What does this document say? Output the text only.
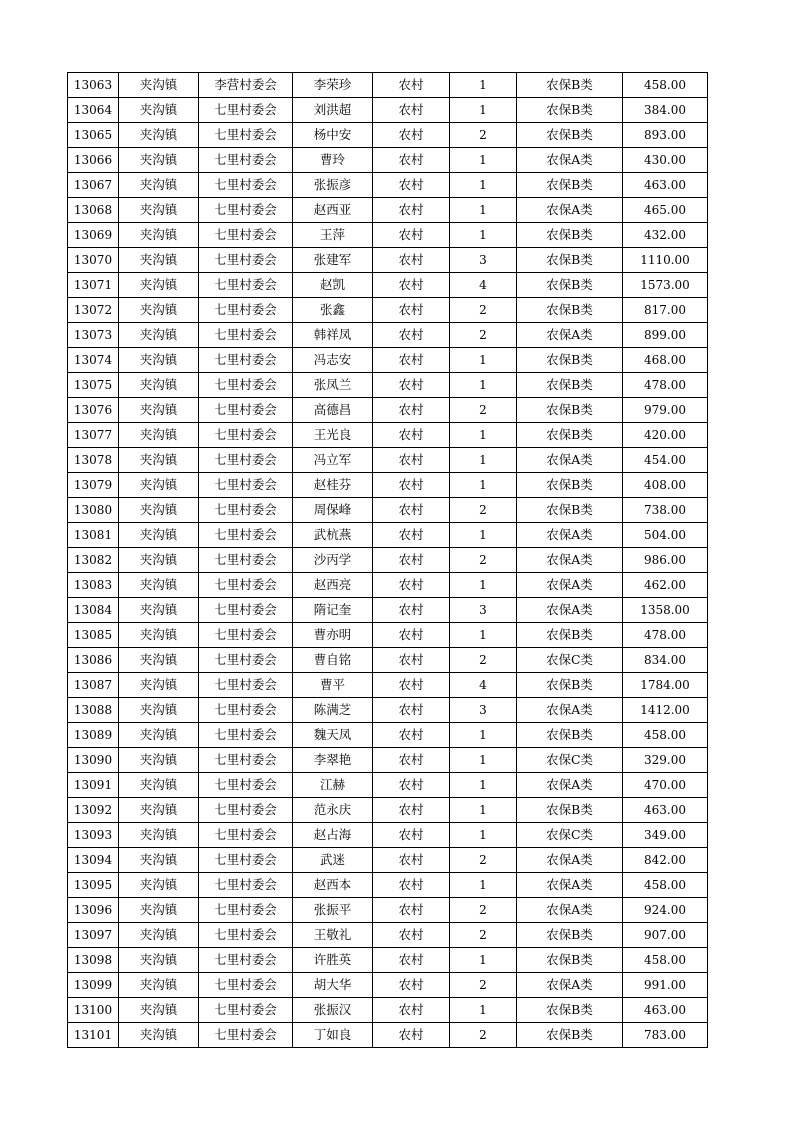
13063	夹沟镇	李营村委会	李荣珍	农村	1	农保B类	458.00
13064	夹沟镇	七里村委会	刘洪超	农村	1	农保B类	384.00
13065	夹沟镇	七里村委会	杨中安	农村	2	农保B类	893.00
13066	夹沟镇	七里村委会	曹玲	农村	1	农保A类	430.00
13067	夹沟镇	七里村委会	张振彦	农村	1	农保B类	463.00
13068	夹沟镇	七里村委会	赵西亚	农村	1	农保A类	465.00
13069	夹沟镇	七里村委会	王萍	农村	1	农保B类	432.00
13070	夹沟镇	七里村委会	张建军	农村	3	农保B类	1110.00
13071	夹沟镇	七里村委会	赵凯	农村	4	农保B类	1573.00
13072	夹沟镇	七里村委会	张鑫	农村	2	农保B类	817.00
13073	夹沟镇	七里村委会	韩祥凤	农村	2	农保A类	899.00
13074	夹沟镇	七里村委会	冯志安	农村	1	农保B类	468.00
13075	夹沟镇	七里村委会	张凤兰	农村	1	农保B类	478.00
13076	夹沟镇	七里村委会	高德昌	农村	2	农保B类	979.00
13077	夹沟镇	七里村委会	王光良	农村	1	农保B类	420.00
13078	夹沟镇	七里村委会	冯立军	农村	1	农保A类	454.00
13079	夹沟镇	七里村委会	赵桂芬	农村	1	农保B类	408.00
13080	夹沟镇	七里村委会	周保峰	农村	2	农保B类	738.00
13081	夹沟镇	七里村委会	武杭燕	农村	1	农保A类	504.00
13082	夹沟镇	七里村委会	沙丙学	农村	2	农保A类	986.00
13083	夹沟镇	七里村委会	赵西亮	农村	1	农保A类	462.00
13084	夹沟镇	七里村委会	隋记奎	农村	3	农保A类	1358.00
13085	夹沟镇	七里村委会	曹亦明	农村	1	农保B类	478.00
13086	夹沟镇	七里村委会	曹自铭	农村	2	农保C类	834.00
13087	夹沟镇	七里村委会	曹平	农村	4	农保B类	1784.00
13088	夹沟镇	七里村委会	陈满芝	农村	3	农保A类	1412.00
13089	夹沟镇	七里村委会	魏天凤	农村	1	农保B类	458.00
13090	夹沟镇	七里村委会	李翠艳	农村	1	农保C类	329.00
13091	夹沟镇	七里村委会	江赫	农村	1	农保A类	470.00
13092	夹沟镇	七里村委会	范永庆	农村	1	农保B类	463.00
13093	夹沟镇	七里村委会	赵占海	农村	1	农保C类	349.00
13094	夹沟镇	七里村委会	武迷	农村	2	农保A类	842.00
13095	夹沟镇	七里村委会	赵西本	农村	1	农保A类	458.00
13096	夹沟镇	七里村委会	张振平	农村	2	农保A类	924.00
13097	夹沟镇	七里村委会	王敬礼	农村	2	农保B类	907.00
13098	夹沟镇	七里村委会	许胜英	农村	1	农保B类	458.00
13099	夹沟镇	七里村委会	胡大华	农村	2	农保A类	991.00
13100	夹沟镇	七里村委会	张振汉	农村	1	农保B类	463.00
13101	夹沟镇	七里村委会	丁如良	农村	2	农保B类	783.00
